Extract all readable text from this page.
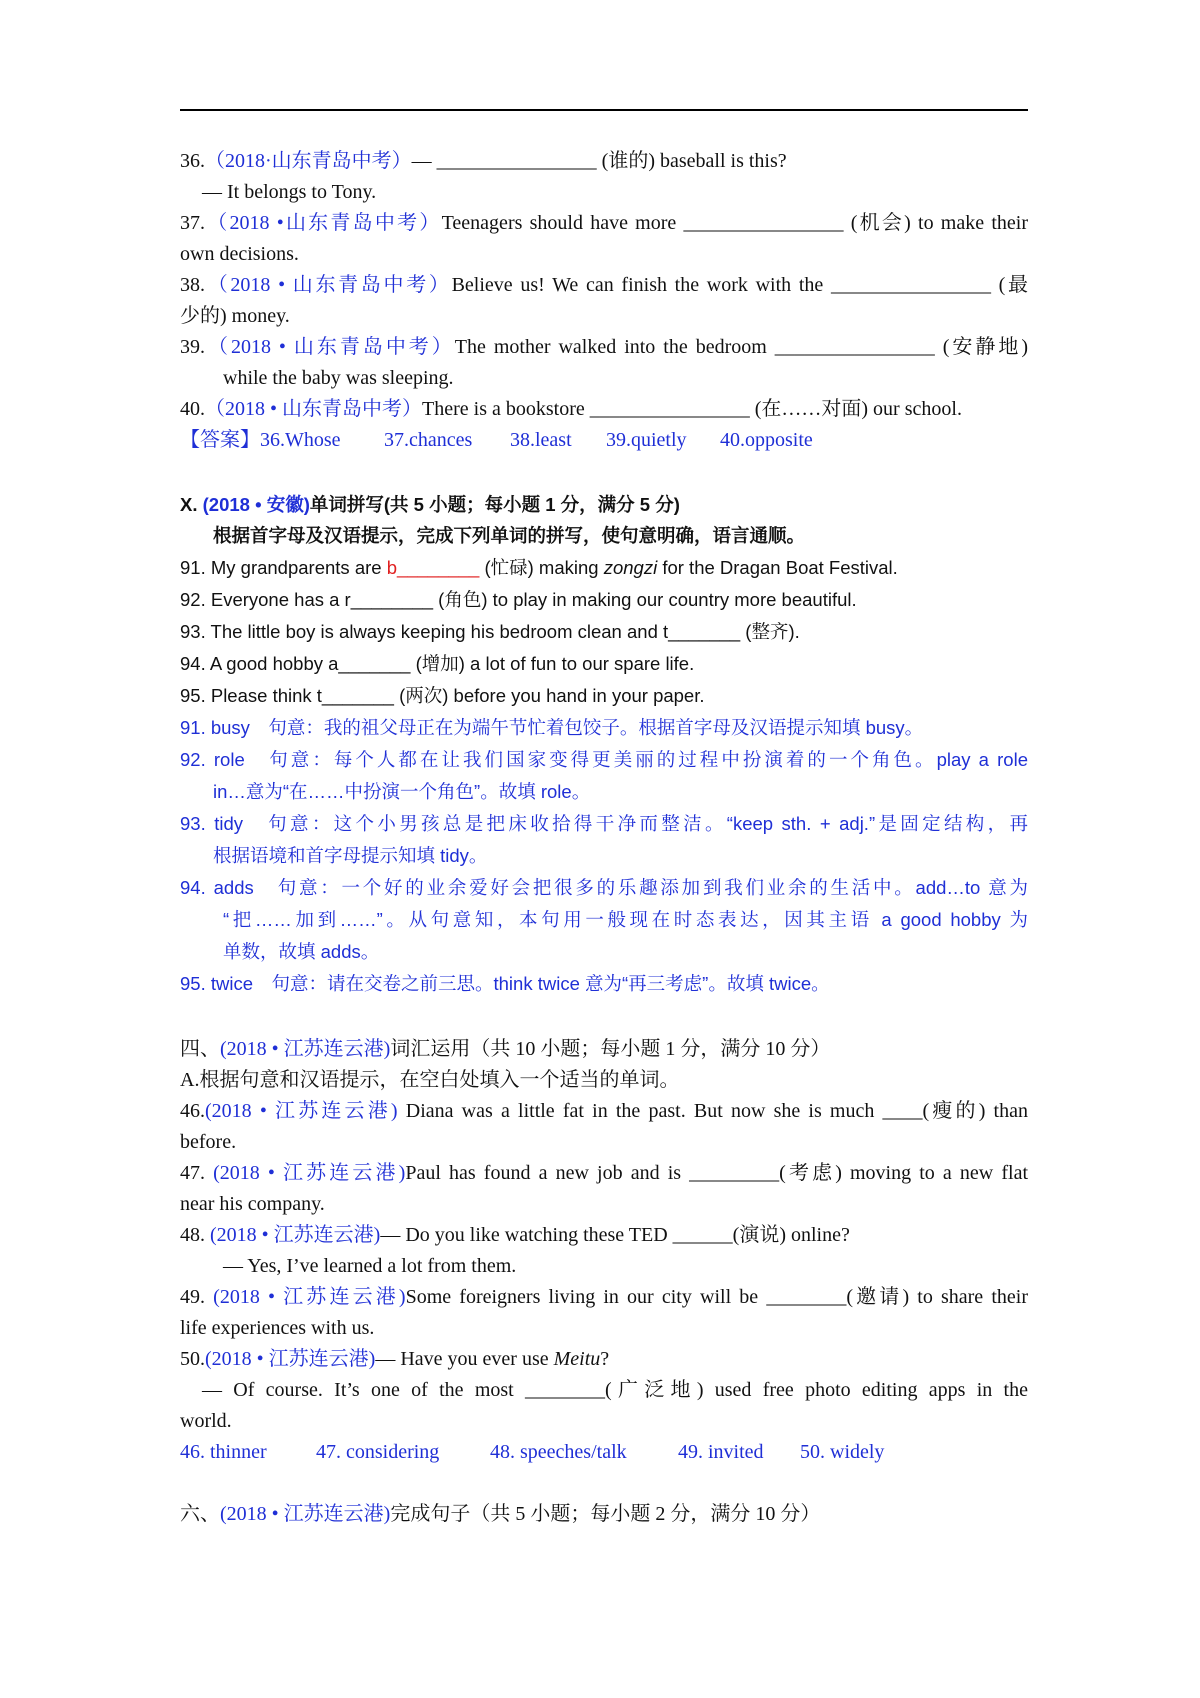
36.（2018·山东青岛中考）— ________________ (谁的) baseball is this?
— It belongs to Tony.
37.（2018 •山东青岛中考）Teenagers should have more ________________ (机会) to make their
own decisions.
38.（2018 • 山东青岛中考）Believe us! We can finish the work with the ________________ (最
少的) money.
39.（2018 • 山东青岛中考）The mother walked into the bedroom ________________ (安静地)
while the baby was sleeping.
40.（2018 • 山东青岛中考）There is a bookstore ________________ (在……对面) our school.
【答案】36.Whose 37.chances 38.least 39.quietly 40.opposite
X. (2018 • 安徽)单词拼写(共 5 小题；每小题 1 分，满分 5 分)
根据首字母及汉语提示，完成下列单词的拼写，使句意明确，语言通顺。
91. My grandparents are b________ (忙碌) making zongzi for the Dragan Boat Festival.
92. Everyone has a r________ (角色) to play in making our country more beautiful.
93. The little boy is always keeping his bedroom clean and t_______ (整齐).
94. A good hobby a_______ (增加) a lot of fun to our spare life.
95. Please think t_______ (两次) before you hand in your paper.
91. busy　句意：我的祖父母正在为端午节忙着包饺子。根据首字母及汉语提示知填 busy。
92. role　句意：每个人都在让我们国家变得更美丽的过程中扮演着的一个角色。play a role
in…意为“在……中扮演一个角色”。故填 role。
93. tidy　句意：这个小男孩总是把床收拾得干净而整洁。“keep sth. + adj.”是固定结构，再
根据语境和首字母提示知填 tidy。
94. adds　句意：一个好的业余爱好会把很多的乐趣添加到我们业余的生活中。add…to 意为
“把……加到……”。从句意知，本句用一般现在时态表达，因其主语 a good hobby 为
单数，故填 adds。
95. twice　句意：请在交卷之前三思。think twice 意为“再三考虑”。故填 twice。
四、(2018 • 江苏连云港)词汇运用（共 10 小题；每小题 1 分，满分 10 分）
A.根据句意和汉语提示，在空白处填入一个适当的单词。
46.(2018 • 江苏连云港) Diana was a little fat in the past. But now she is much ____(瘦的) than
before.
47. (2018 • 江苏连云港)Paul has found a new job and is _________(考虑) moving to a new flat
near his company.
48. (2018 • 江苏连云港)— Do you like watching these TED ______(演说) online?
— Yes, I’ve learned a lot from them.
49. (2018 • 江苏连云港)Some foreigners living in our city will be ________(邀请) to share their
life experiences with us.
50.(2018 • 江苏连云港)— Have you ever use Meitu?
— Of course. It’s one of the most ________(广泛地) used free photo editing apps in the
world.
46. thinner 47. considering	48. speeches/talk	49. invited 50. widely
六、(2018 • 江苏连云港)完成句子（共 5 小题；每小题 2 分，满分 10 分）
